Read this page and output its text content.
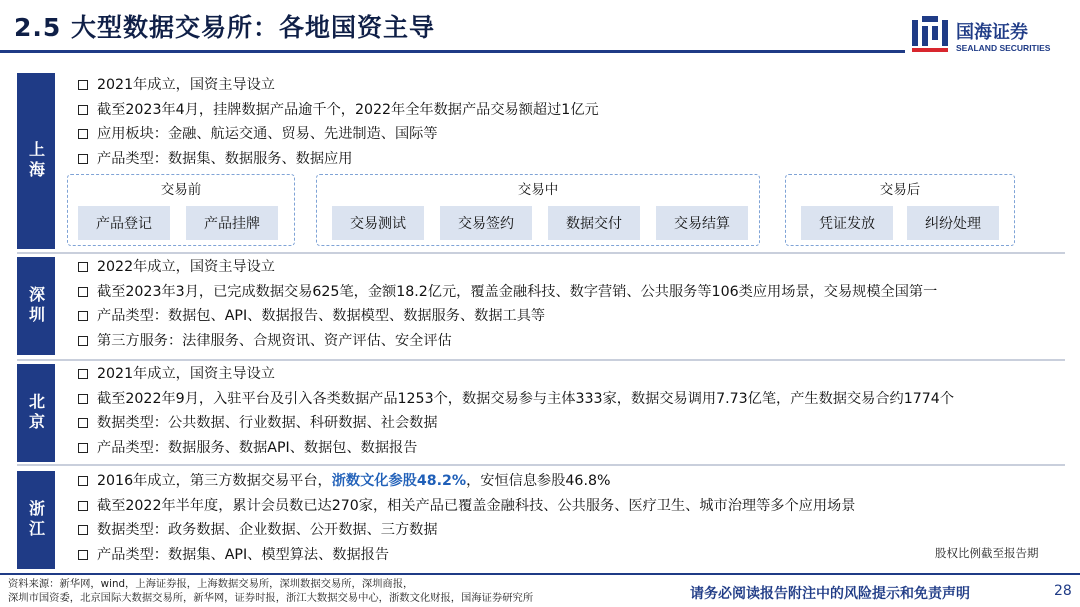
2.5 大型数据交易所：各地国资主导	国海证券
SEALAND SECURITIES
上海
2021年成立，国资主导设立
截至2023年4月，挂牌数据产品逾千个，2022年全年数据产品交易额超过1亿元
应用板块：金融、航运交通、贸易、先进制造、国际等
产品类型：数据集、数据服务、数据应用
交易前
产品登记	产品挂牌
交易中
交易测试	交易签约	数据交付	交易结算
交易后
凭证发放	纠纷处理
深圳
2022年成立，国资主导设立
截至2023年3月，已完成数据交易625笔，金额18.2亿元，覆盖金融科技、数字营销、公共服务等106类应用场景，交易规模全国第一
产品类型：数据包、API、数据报告、数据模型、数据服务、数据工具等
第三方服务：法律服务、合规资讯、资产评估、安全评估
北京
2021年成立，国资主导设立
截至2022年9月，入驻平台及引入各类数据产品1253个，数据交易参与主体333家，数据交易调用7.73亿笔，产生数据交易合约1774个
数据类型：公共数据、行业数据、科研数据、社会数据
产品类型：数据服务、数据API、数据包、数据报告
浙江
2016年成立，第三方数据交易平台， 浙数文化参股48.2% ，安恒信息参股46.8%
截至2022年半年度，累计会员数已达270家，相关产品已覆盖金融科技、公共服务、医疗卫生、城市治理等多个应用场景
数据类型：政务数据、企业数据、公开数据、三方数据
产品类型：数据集、API、模型算法、数据报告	股权比例截至报告期
资料来源：新华网，wind，上海证券报，上海数据交易所，深圳数据交易所，深圳商报，
深圳市国资委，北京国际大数据交易所，新华网，证券时报，浙江大数据交易中心，浙数文化财报，国海证券研究所	请务必阅读报告附注中的风险提示和免责声明	28
